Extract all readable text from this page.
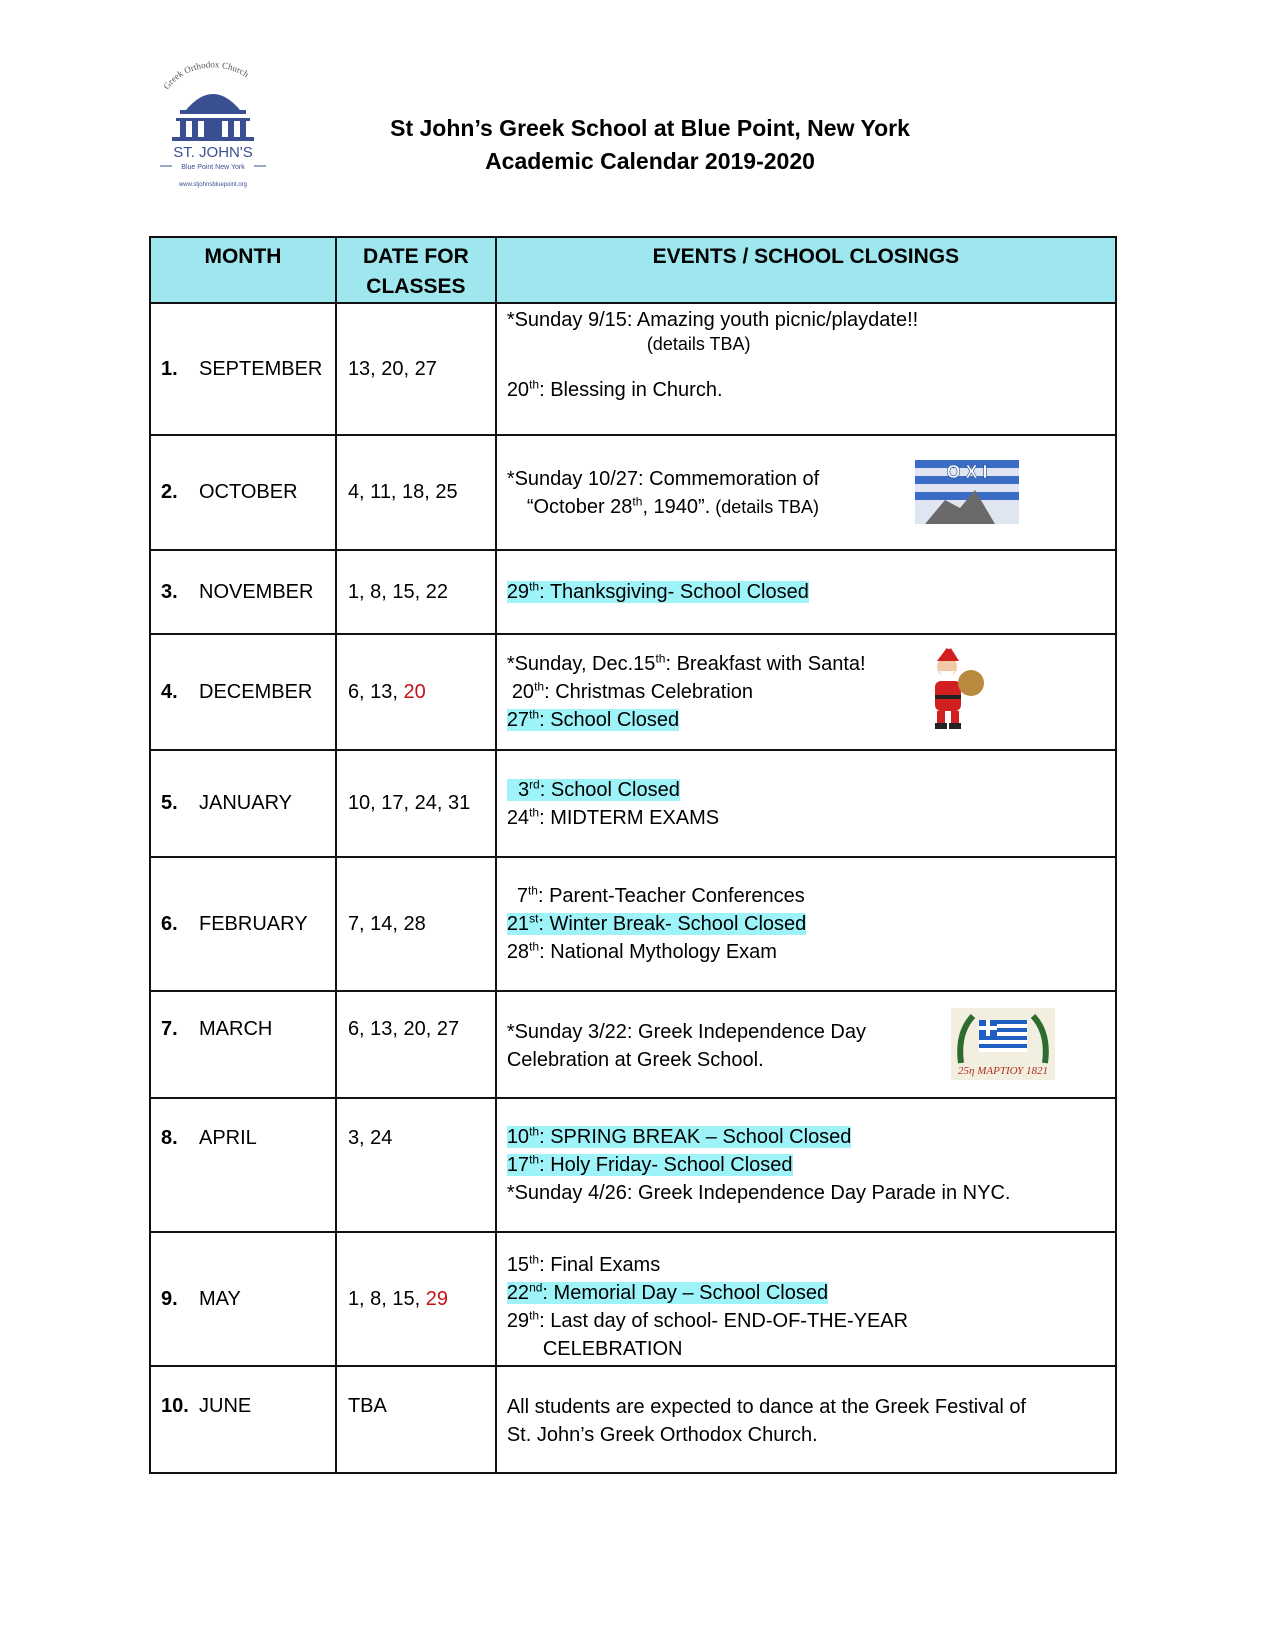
Greek Orthodox Church
ST. JOHN'S
Blue Point New York
www.stjohnsbluepoint.org
St John’s Greek School at Blue Point, New York
Academic Calendar 2019-2020
MONTH	DATE FOR CLASSES	EVENTS / SCHOOL CLOSINGS
1. SEPTEMBER	13, 20, 27	*Sunday 9/15: Amazing youth picnic/playdate!!
(details TBA)
20th: Blessing in Church.

2. OCTOBER	4, 11, 18, 25	*Sunday 10/27: Commemoration of
“October 28th, 1940”. (details TBA)
O X I

3. NOVEMBER	1, 8, 15, 22	29th: Thanksgiving- School Closed
4. DECEMBER	6, 13, 20	*Sunday, Dec.15th: Breakfast with Santa!
20th: Christmas Celebration
27th: School Closed

5. JANUARY	10, 17, 24, 31	3rd: School Closed
24th: MIDTERM EXAMS

6. FEBRUARY	7, 14, 28	7th: Parent-Teacher Conferences
21st: Winter Break- School Closed
28th: National Mythology Exam

7. MARCH	6, 13, 20, 27	*Sunday 3/22: Greek Independence Day
Celebration at Greek School. 25η ΜΑΡΤΙΟΥ 1821

8. APRIL	3, 24	10th: SPRING BREAK – School Closed
17th: Holy Friday- School Closed
*Sunday 4/26: Greek Independence Day Parade in NYC.

9. MAY	1, 8, 15, 29	15th: Final Exams
22nd: Memorial Day – School Closed
29th: Last day of school- END-OF-THE-YEAR
CELEBRATION

10. JUNE	TBA	All students are expected to dance at the Greek Festival of
St. John’s Greek Orthodox Church.
